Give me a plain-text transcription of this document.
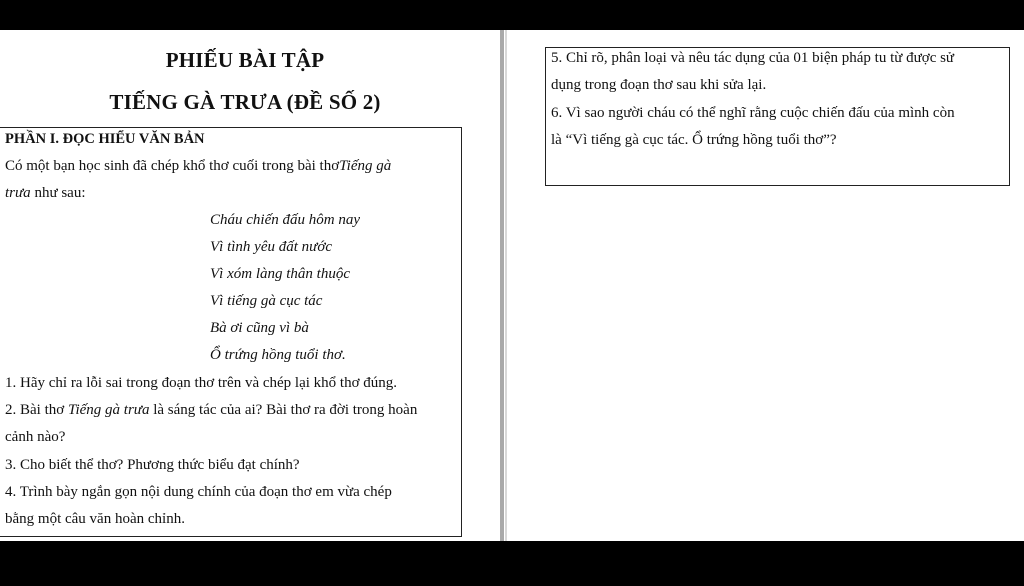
PHIẾU BÀI TẬP
TIẾNG GÀ TRƯA (ĐỀ SỐ 2)
PHẦN I. ĐỌC HIỂU VĂN BẢN
Có một bạn học sinh đã chép khổ thơ cuối trong bài thơTiếng gà
trưa như sau:
Cháu chiến đấu hôm nay
Vì tình yêu đất nước
Vì xóm làng thân thuộc
Vì tiếng gà cục tác
Bà ơi cũng vì bà
Ổ trứng hồng tuổi thơ.
1. Hãy chỉ ra lỗi sai trong đoạn thơ trên và chép lại khổ thơ đúng.
2. Bài thơ Tiếng gà trưa là sáng tác của ai? Bài thơ ra đời trong hoàn
cảnh nào?
3. Cho biết thể thơ? Phương thức biểu đạt chính?
4. Trình bày ngắn gọn nội dung chính của đoạn thơ em vừa chép
bằng một câu văn hoàn chỉnh.
5. Chỉ rõ, phân loại và nêu tác dụng của 01 biện pháp tu từ được sử
dụng trong đoạn thơ sau khi sửa lại.
6. Vì sao người cháu có thể nghĩ rằng cuộc chiến đấu của mình còn
là “Vì tiếng gà cục tác. Ổ trứng hồng tuổi thơ”?
